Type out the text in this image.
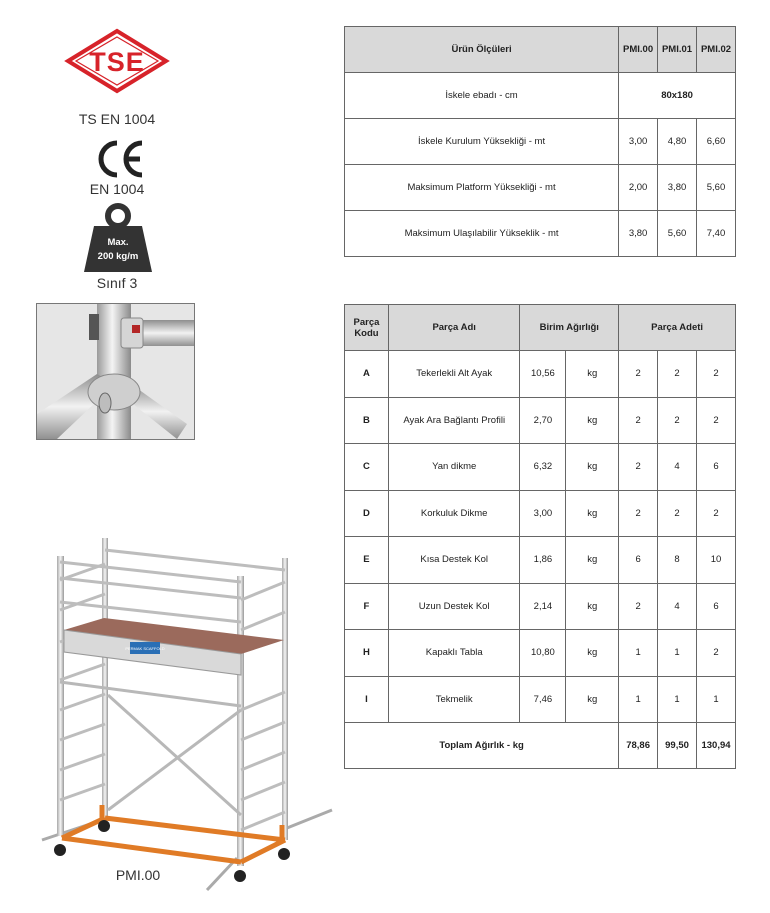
TSE
TS EN 1004
EN 1004
Max.
200 kg/m
Sınıf 3
PERMAK SCAFFOLD
PMI.00
Ürün Ölçüleri	PMI.00	PMI.01	PMI.02
İskele ebadı - cm	80x180		
İskele Kurulum Yüksekliği - mt	3,00	4,80	6,60
Maksimum Platform Yüksekliği - mt	2,00	3,80	5,60
Maksimum Ulaşılabilir Yükseklik - mt	3,80	5,60	7,40
Parça
Kodu	Parça Adı	Birim Ağırlığı		Parça Adeti		
A	Tekerlekli Alt Ayak	10,56	kg	2	2	2
B	Ayak Ara Bağlantı Profili	2,70	kg	2	2	2
C	Yan dikme	6,32	kg	2	4	6
D	Korkuluk Dikme	3,00	kg	2	2	2
E	Kısa Destek Kol	1,86	kg	6	8	10
F	Uzun Destek Kol	2,14	kg	2	4	6
H	Kapaklı Tabla	10,80	kg	1	1	2
I	Tekmelik	7,46	kg	1	1	1
Toplam Ağırlık - kg				78,86	99,50	130,94
